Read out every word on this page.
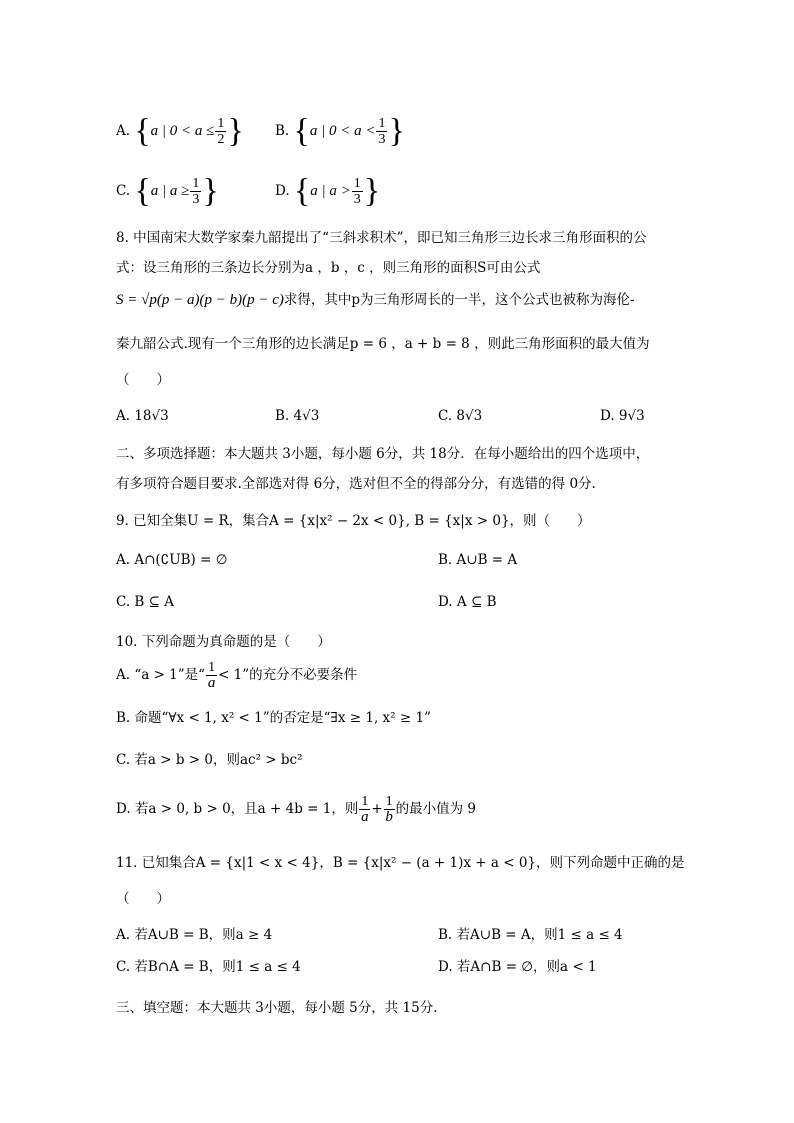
A. {a | $0 < a \le \frac{1}{2}$ } B. {a | $0 < a < \frac{1}{3}$ }
C. {a | $a \ge \frac{1}{3}$ }	D. {a | $a > \frac{1}{3}$ }
8. 中国南宋大数学家秦九韶提出了“三斜求积术”，即已知三角形三边长求三角形面积的公
式：设三角形的三条边长分别为a ，b ，c ，则三角形的面积S可由公式
S = √p(p − a)(p − b)(p − c)求得，其中p为三角形周长的一半，这个公式也被称为海伦-
秦九韶公式.现有一个三角形的边长满足p = 6 ，a + b = 8 ，则此三角形面积的最大值为
（　　）
A. 18√3	B. 4√3	C. 8√3	D. 9√3
二、多项选择题：本大题共 3小题，每小题 6分，共 18分．在每小题给出的四个选项中，
有多项符合题目要求.全部选对得 6分，选对但不全的得部分分，有选错的得 0分.
9. 已知全集U = R，集合A = {x|x² − 2x < 0}, B = {x|x > 0}，则（　　）
A. A∩(∁UB) = ∅	B. A∪B = A
C. B ⊆ A	D. A ⊆ B
10. 下列命题为真命题的是（　　）
A. “a > 1”是“ $\frac{1}{a} < 1$”的充分不必要条件
B. 命题“∀x < 1, x² < 1”的否定是“∃x ≥ 1, x² ≥ 1”
C. 若a > b > 0，则ac² > bc²
D. 若a > 0, b > 0，且a + 4b = 1，则 $\frac{1}{a} + \frac{1}{b}$ 的最小值为 9
11. 已知集合A = {x|1 < x < 4}，B = {x|x² − (a + 1)x + a < 0}，则下列命题中正确的是
（　　）
A. 若A∪B = B，则a ≥ 4	B. 若A∪B = A，则1 ≤ a ≤ 4
C. 若B∩A = B，则1 ≤ a ≤ 4	D. 若A∩B = ∅，则a < 1
三、填空题：本大题共 3小题，每小题 5分，共 15分.
